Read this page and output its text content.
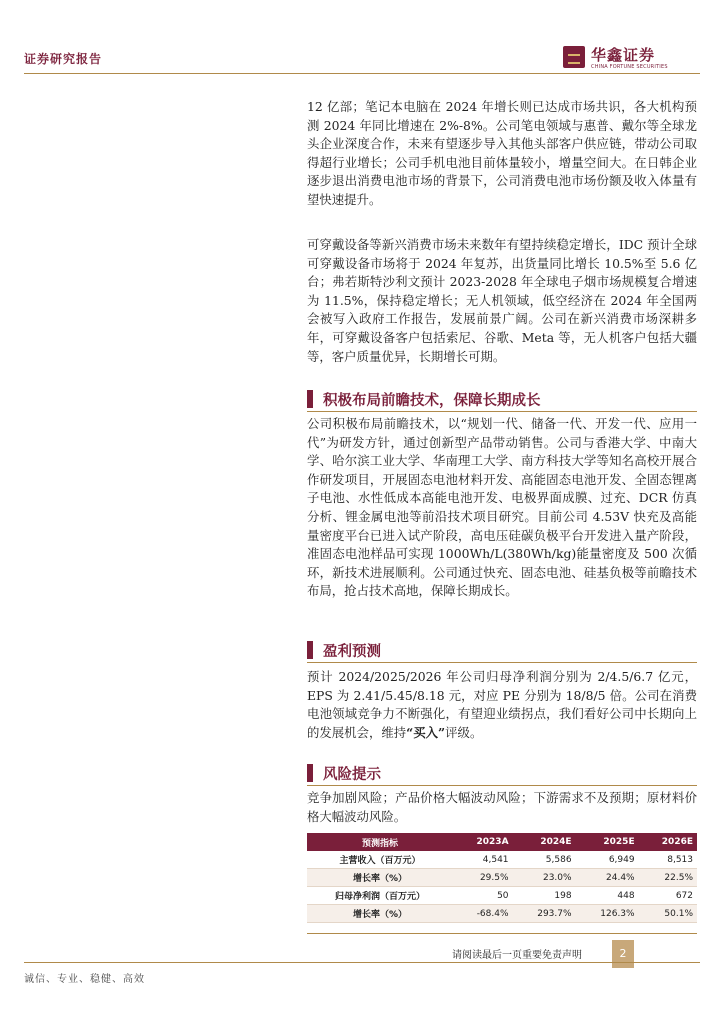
证券研究报告	华鑫证券
CHINA FORTUNE SECURITIES

12 亿部；笔记本电脑在 2024 年增长则已达成市场共识，各大机构预测 2024 年同比增速在 2%-8%。公司笔电领域与惠普、戴尔等全球龙头企业深度合作，未来有望逐步导入其他头部客户供应链，带动公司取得超行业增长；公司手机电池目前体量较小，增量空间大。在日韩企业逐步退出消费电池市场的背景下，公司消费电池市场份额及收入体量有望快速提升。

可穿戴设备等新兴消费市场未来数年有望持续稳定增长，IDC 预计全球可穿戴设备市场将于 2024 年复苏，出货量同比增长 10.5%至 5.6 亿台；弗若斯特沙利文预计 2023-2028 年全球电子烟市场规模复合增速为 11.5%，保持稳定增长；无人机领域，低空经济在 2024 年全国两会被写入政府工作报告，发展前景广阔。公司在新兴消费市场深耕多年，可穿戴设备客户包括索尼、谷歌、Meta 等，无人机客户包括大疆等，客户质量优异，长期增长可期。

积极布局前瞻技术，保障长期成长

公司积极布局前瞻技术，以“规划一代、储备一代、开发一代、应用一代”为研发方针，通过创新型产品带动销售。公司与香港大学、中南大学、哈尔滨工业大学、华南理工大学、南方科技大学等知名高校开展合作研发项目，开展固态电池材料开发、高能固态电池开发、全固态锂离子电池、水性低成本高能电池开发、电极界面成膜、过充、DCR 仿真分析、锂金属电池等前沿技术项目研究。目前公司 4.53V 快充及高能量密度平台已进入试产阶段，高电压硅碳负极平台开发进入量产阶段，准固态电池样品可实现 1000Wh/L(380Wh/kg)能量密度及 500 次循环，新技术进展顺利。公司通过快充、固态电池、硅基负极等前瞻技术布局，抢占技术高地，保障长期成长。

盈利预测

预计 2024/2025/2026 年公司归母净利润分别为 2/4.5/6.7 亿元，EPS 为 2.41/5.45/8.18 元，对应 PE 分别为 18/8/5 倍。公司在消费电池领域竞争力不断强化，有望迎业绩拐点，我们看好公司中长期向上的发展机会，维持“买入”评级。

风险提示

竞争加剧风险；产品价格大幅波动风险；下游需求不及预期；原材料价格大幅波动风险。

预测指标	2023A	2024E	2025E	2026E
主营收入（百万元）	4,541	5,586	6,949	8,513
增长率（%）	29.5%	23.0%	24.4%	22.5%
归母净利润（百万元）	50	198	448	672
增长率（%）	-68.4%	293.7%	126.3%	50.1%
请阅读最后一页重要免责声明	2
诚信、专业、稳健、高效
